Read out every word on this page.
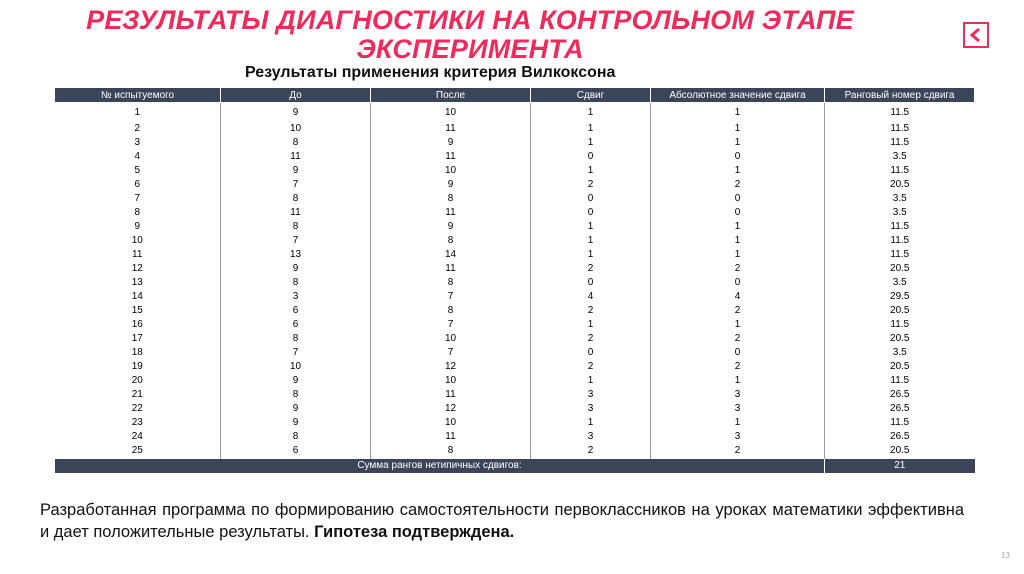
РЕЗУЛЬТАТЫ ДИАГНОСТИКИ НА КОНТРОЛЬНОМ ЭТАПЕ ЭКСПЕРИМЕНТА
Результаты применения критерия Вилкоксона
№ испытуемого	До	После	Сдвиг	Абсолютное значение сдвига	Ранговый номер сдвига
1	9	10	1	1	11.5
2	10	11	1	1	11.5
3	8	9	1	1	11.5
4	11	11	0	0	3.5
5	9	10	1	1	11.5
6	7	9	2	2	20.5
7	8	8	0	0	3.5
8	11	11	0	0	3.5
9	8	9	1	1	11.5
10	7	8	1	1	11.5
11	13	14	1	1	11.5
12	9	11	2	2	20.5
13	8	8	0	0	3.5
14	3	7	4	4	29.5
15	6	8	2	2	20.5
16	6	7	1	1	11.5
17	8	10	2	2	20.5
18	7	7	0	0	3.5
19	10	12	2	2	20.5
20	9	10	1	1	11.5
21	8	11	3	3	26.5
22	9	12	3	3	26.5
23	9	10	1	1	11.5
24	8	11	3	3	26.5
25	6	8	2	2	20.5
Сумма рангов нетипичных сдвигов:					21
Разработанная программа по формированию самостоятельности первоклассников на уроках математики эффективна и дает положительные результаты. Гипотеза подтверждена.
13
